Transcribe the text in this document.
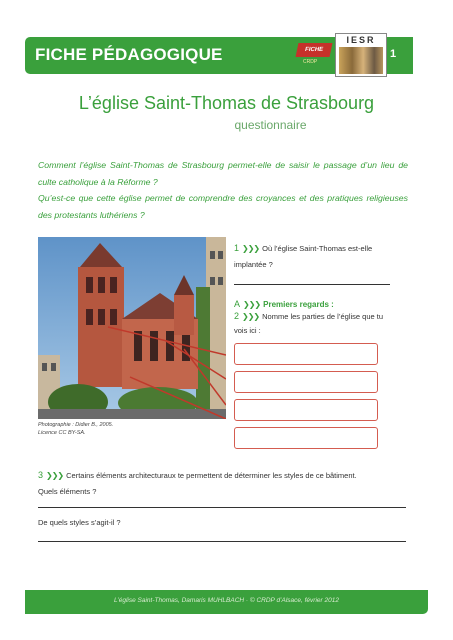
FICHE PÉDAGOGIQUE	FICHE
CRDP
IESR
1
L’église Saint-Thomas de Strasbourg
questionnaire

Comment l’église Saint-Thomas de Strasbourg permet-elle de saisir le passage d’un lieu de culte catholique à la Réforme ?

Qu’est-ce que cette église permet de comprendre des croyances et des pratiques religieuses des protestants luthériens ?

Photographie : Didier B., 2005.
Licence CC BY-SA.
1 ❯❯❯ Où l’église Saint-Thomas est-elle implantée ?
A ❯❯❯ Premiers regards :
2 ❯❯❯ Nomme les parties de l’église que tu vois ici :
3 ❯❯❯ Certains éléments architecturaux te permettent de déterminer les styles de ce bâtiment.
Quels éléments ?
De quels styles s’agit-il ?
L’église Saint-Thomas, Damaris MUHLBACH · © CRDP d’Alsace, février 2012
